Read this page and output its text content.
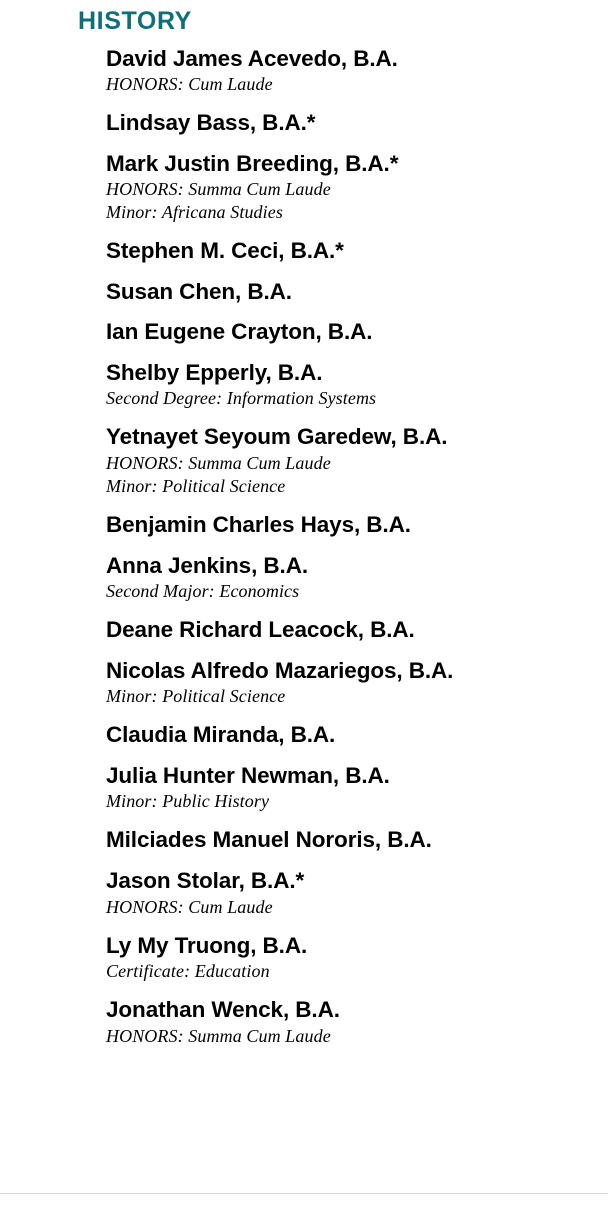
HISTORY
David James Acevedo, B.A.
HONORS: Cum Laude
Lindsay Bass, B.A.*
Mark Justin Breeding, B.A.*
HONORS: Summa Cum Laude
Minor: Africana Studies
Stephen M. Ceci, B.A.*
Susan Chen, B.A.
Ian Eugene Crayton, B.A.
Shelby Epperly, B.A.
Second Degree: Information Systems
Yetnayet Seyoum Garedew, B.A.
HONORS: Summa Cum Laude
Minor: Political Science
Benjamin Charles Hays, B.A.
Anna Jenkins, B.A.
Second Major: Economics
Deane Richard Leacock, B.A.
Nicolas Alfredo Mazariegos, B.A.
Minor: Political Science
Claudia Miranda, B.A.
Julia Hunter Newman, B.A.
Minor: Public History
Milciades Manuel Nororis, B.A.
Jason Stolar, B.A.*
HONORS: Cum Laude
Ly My Truong, B.A.
Certificate: Education
Jonathan Wenck, B.A.
HONORS: Summa Cum Laude
